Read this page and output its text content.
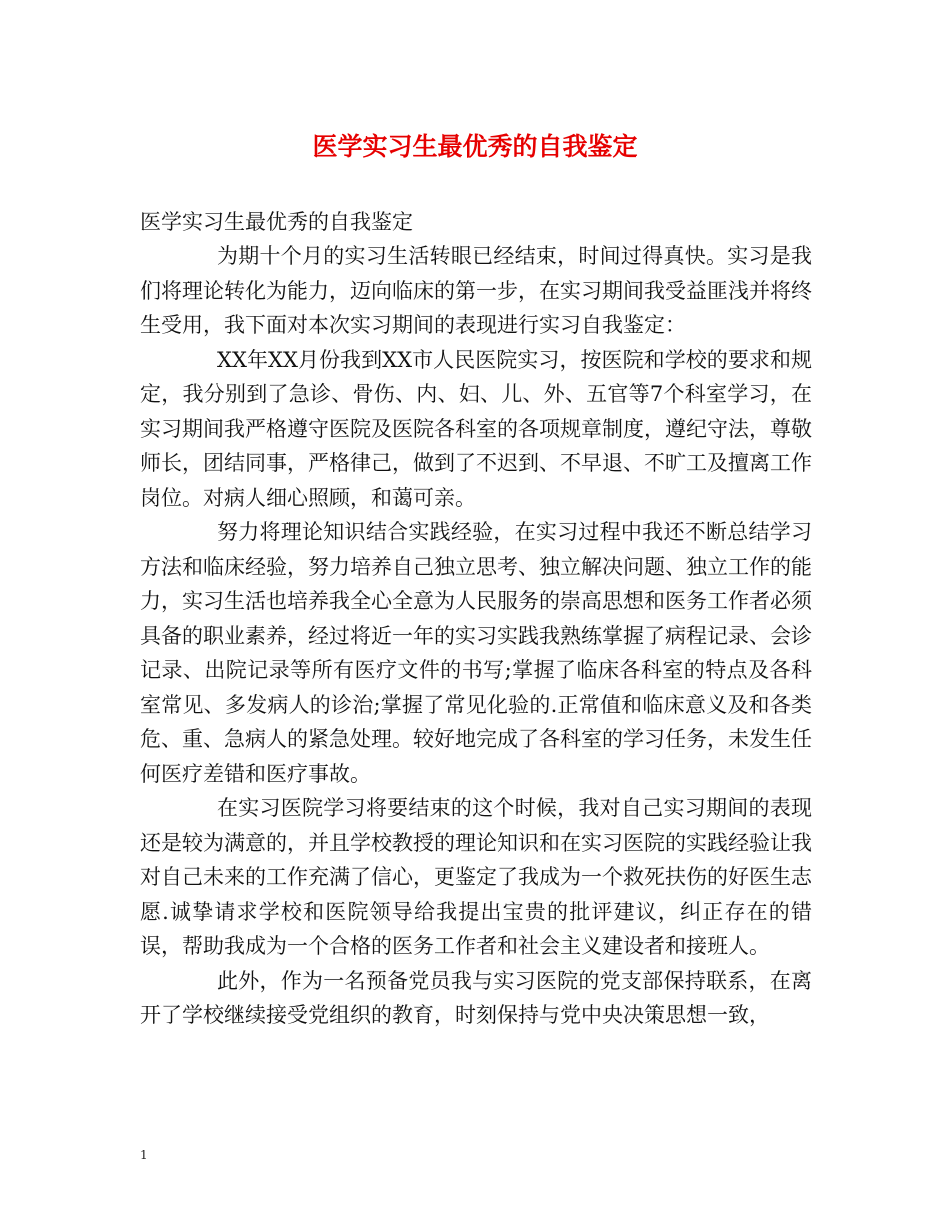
医学实习生最优秀的自我鉴定
医学实习生最优秀的自我鉴定

为期十个月的实习生活转眼已经结束，时间过得真快。实习是我们将理论转化为能力，迈向临床的第一步，在实习期间我受益匪浅并将终生受用，我下面对本次实习期间的表现进行实习自我鉴定：

XX年XX月份我到XX市人民医院实习，按医院和学校的要求和规定，我分别到了急诊、骨伤、内、妇、儿、外、五官等7个科室学习，在实习期间我严格遵守医院及医院各科室的各项规章制度，遵纪守法，尊敬师长，团结同事，严格律己，做到了不迟到、不早退、不旷工及擅离工作岗位。对病人细心照顾，和蔼可亲。

努力将理论知识结合实践经验，在实习过程中我还不断总结学习方法和临床经验，努力培养自己独立思考、独立解决问题、独立工作的能力，实习生活也培养我全心全意为人民服务的崇高思想和医务工作者必须具备的职业素养，经过将近一年的实习实践我熟练掌握了病程记录、会诊记录、出院记录等所有医疗文件的书写;掌握了临床各科室的特点及各科室常见、多发病人的诊治;掌握了常见化验的.正常值和临床意义及和各类危、重、急病人的紧急处理。较好地完成了各科室的学习任务，未发生任何医疗差错和医疗事故。

在实习医院学习将要结束的这个时候，我对自己实习期间的表现还是较为满意的，并且学校教授的理论知识和在实习医院的实践经验让我对自己未来的工作充满了信心，更鉴定了我成为一个救死扶伤的好医生志愿.诚挚请求学校和医院领导给我提出宝贵的批评建议，纠正存在的错误，帮助我成为一个合格的医务工作者和社会主义建设者和接班人。

此外，作为一名预备党员我与实习医院的党支部保持联系，在离开了学校继续接受党组织的教育，时刻保持与党中央决策思想一致，

1
